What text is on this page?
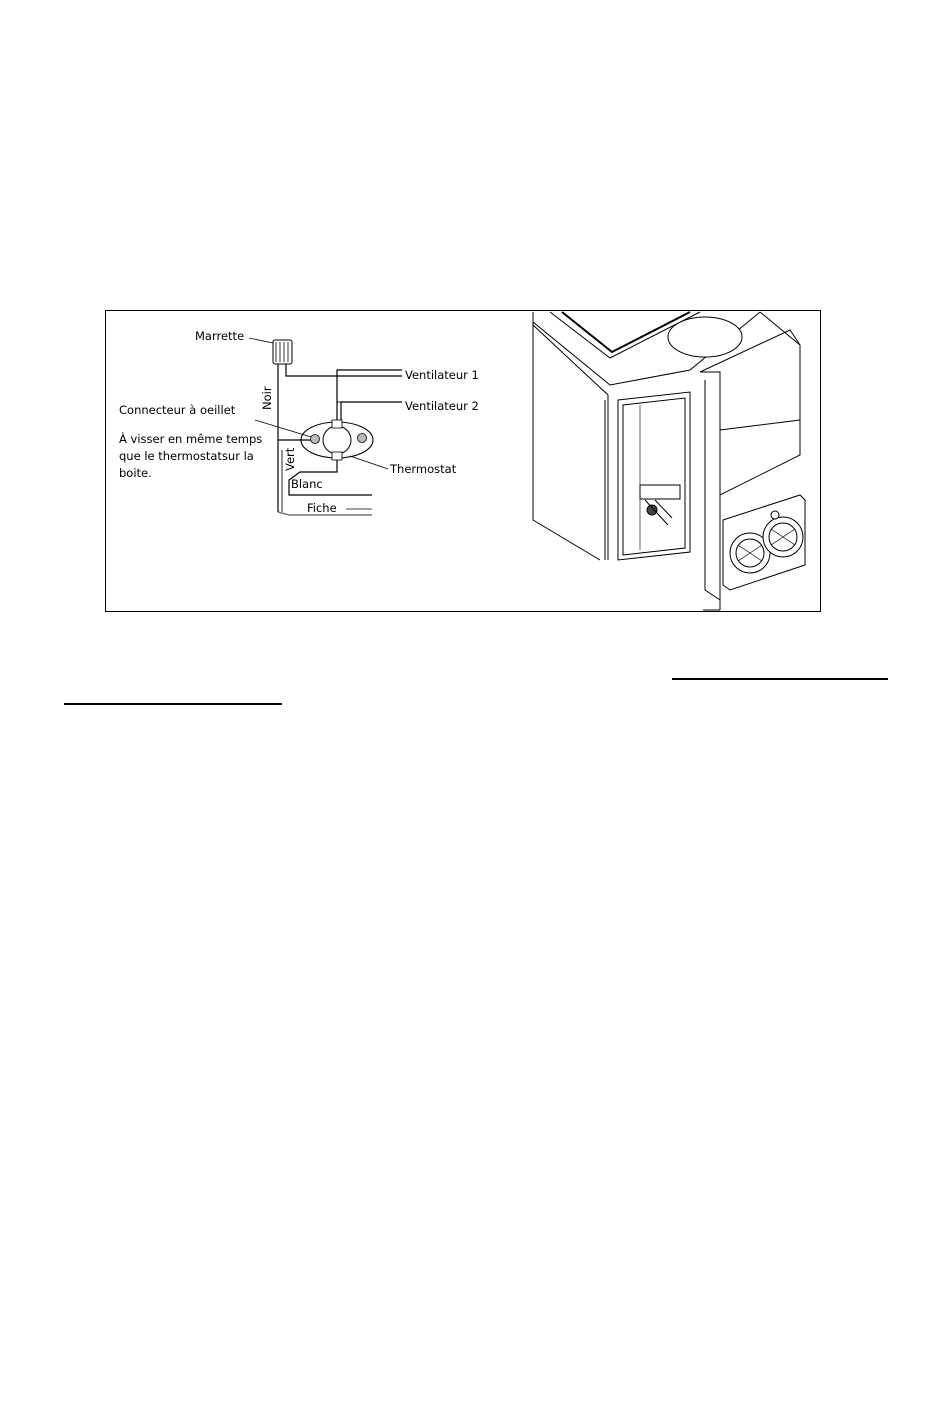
Marrette
Noir
Ventilateur 1
Ventilateur 2
Connecteur à oeillet
À visser en même temps
que le thermostatsur la
boite.
Vert	Thermostat
Blanc
Fiche
